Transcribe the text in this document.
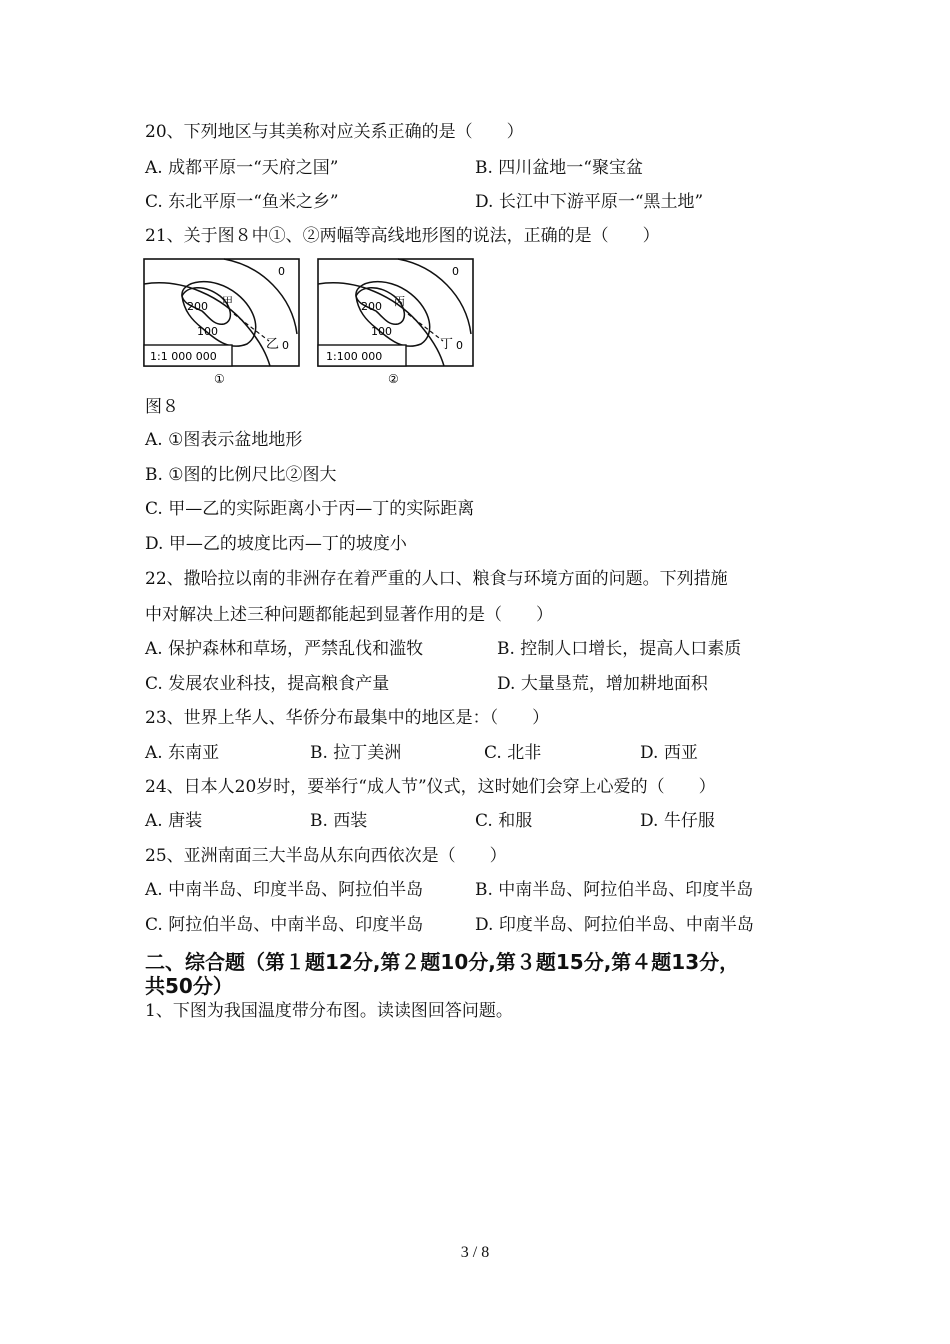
20、下列地区与其美称对应关系正确的是（　　）
A. 成都平原一“天府之国”	B. 四川盆地一“聚宝盆
C. 东北平原一“鱼米之乡”	D. 长江中下游平原一“黑土地”
21、关于图８中①、②两幅等高线地形图的说法，正确的是（　　）
200
100
0
0
甲
乙
1:1 000 000
①
200
100
0
0
丙
丁
1:100 000
②
图８
A. ①图表示盆地地形
B. ①图的比例尺比②图大
C. 甲—乙的实际距离小于丙—丁的实际距离
D. 甲—乙的坡度比丙—丁的坡度小
22、撒哈拉以南的非洲存在着严重的人口、粮食与环境方面的问题。下列措施
中对解决上述三种问题都能起到显著作用的是（　　）
A. 保护森林和草场，严禁乱伐和滥牧	B. 控制人口增长，提高人口素质
C. 发展农业科技，提高粮食产量	D. 大量垦荒，增加耕地面积
23、世界上华人、华侨分布最集中的地区是：（　　）
A. 东南亚	B. 拉丁美洲	C. 北非	D. 西亚
24、日本人20岁时，要举行“成人节”仪式，这时她们会穿上心爱的（　　）
A. 唐装	B. 西装	C. 和服	D. 牛仔服
25、亚洲南面三大半岛从东向西依次是（　　）
A. 中南半岛、印度半岛、阿拉伯半岛	B. 中南半岛、阿拉伯半岛、印度半岛
C. 阿拉伯半岛、中南半岛、印度半岛	D. 印度半岛、阿拉伯半岛、中南半岛
二、综合题（第１题12分,第２题10分,第３题15分,第４题13分，
共50分）
1、下图为我国温度带分布图。读读图回答问题。
3 / 8
